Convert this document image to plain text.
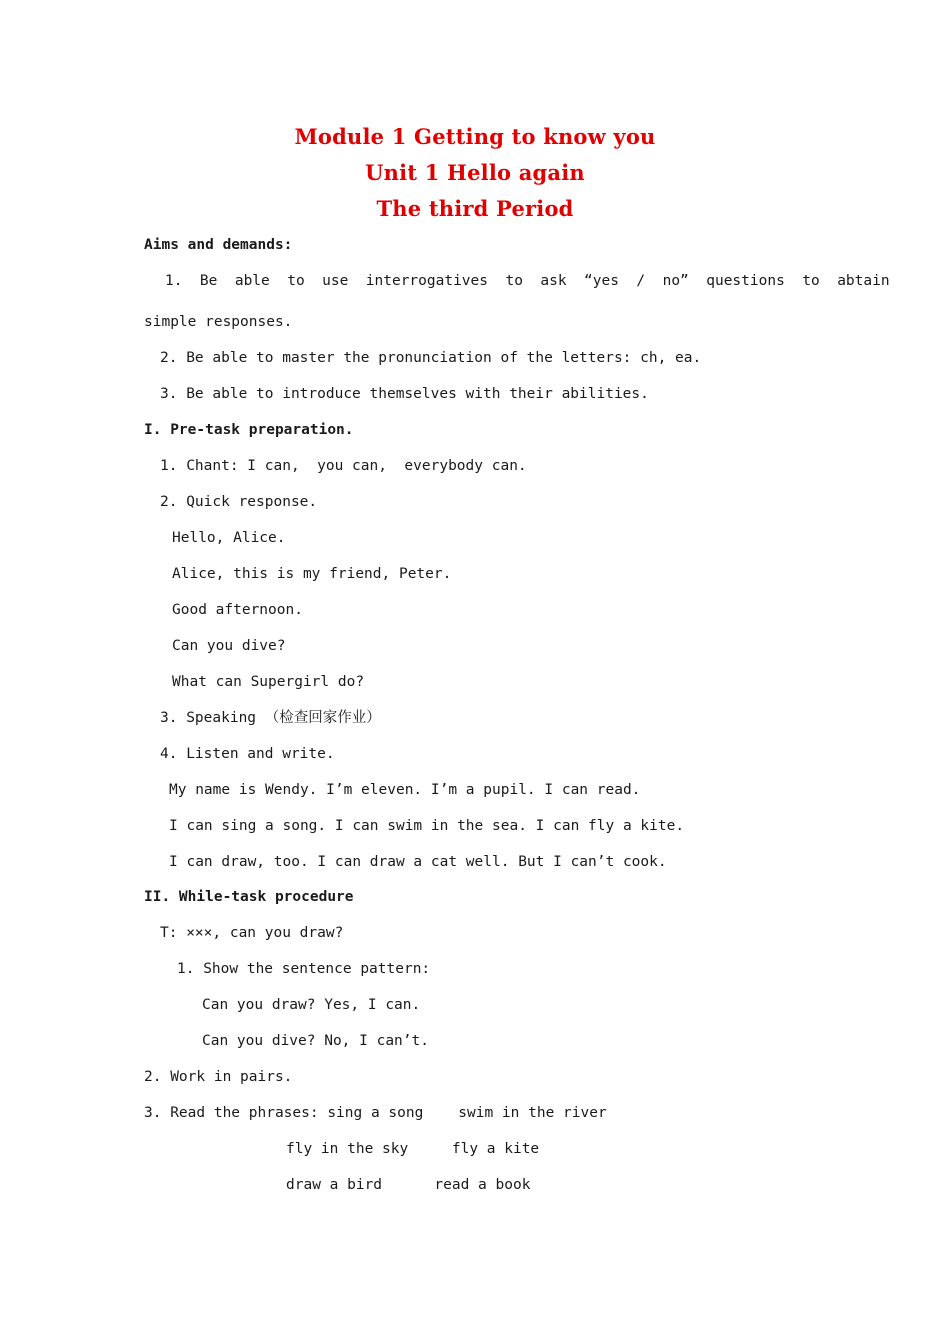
Module 1 Getting to know you
Unit 1 Hello again
The third Period
Aims and demands:
1.  Be  able  to  use  interrogatives  to  ask  “yes  /  no”  questions  to  abtain
simple responses.
2. Be able to master the pronunciation of the letters: ch, ea.
3. Be able to introduce themselves with their abilities.
I. Pre-task preparation.
1. Chant: I can,  you can,  everybody can.
2. Quick response.
Hello, Alice.
Alice, this is my friend, Peter.
Good afternoon.
Can you dive?
What can Supergirl do?
3. Speaking （检查回家作业）
4. Listen and write.
My name is Wendy. I’m eleven. I’m a pupil. I can read.
I can sing a song. I can swim in the sea. I can fly a kite.
I can draw, too. I can draw a cat well. But I can’t cook.
II. While-task procedure
T: ×××, can you draw?
1. Show the sentence pattern:
Can you draw? Yes, I can.
Can you dive? No, I can’t.
2. Work in pairs.
3. Read the phrases: sing a song    swim in the river
fly in the sky     fly a kite
draw a bird      read a book
